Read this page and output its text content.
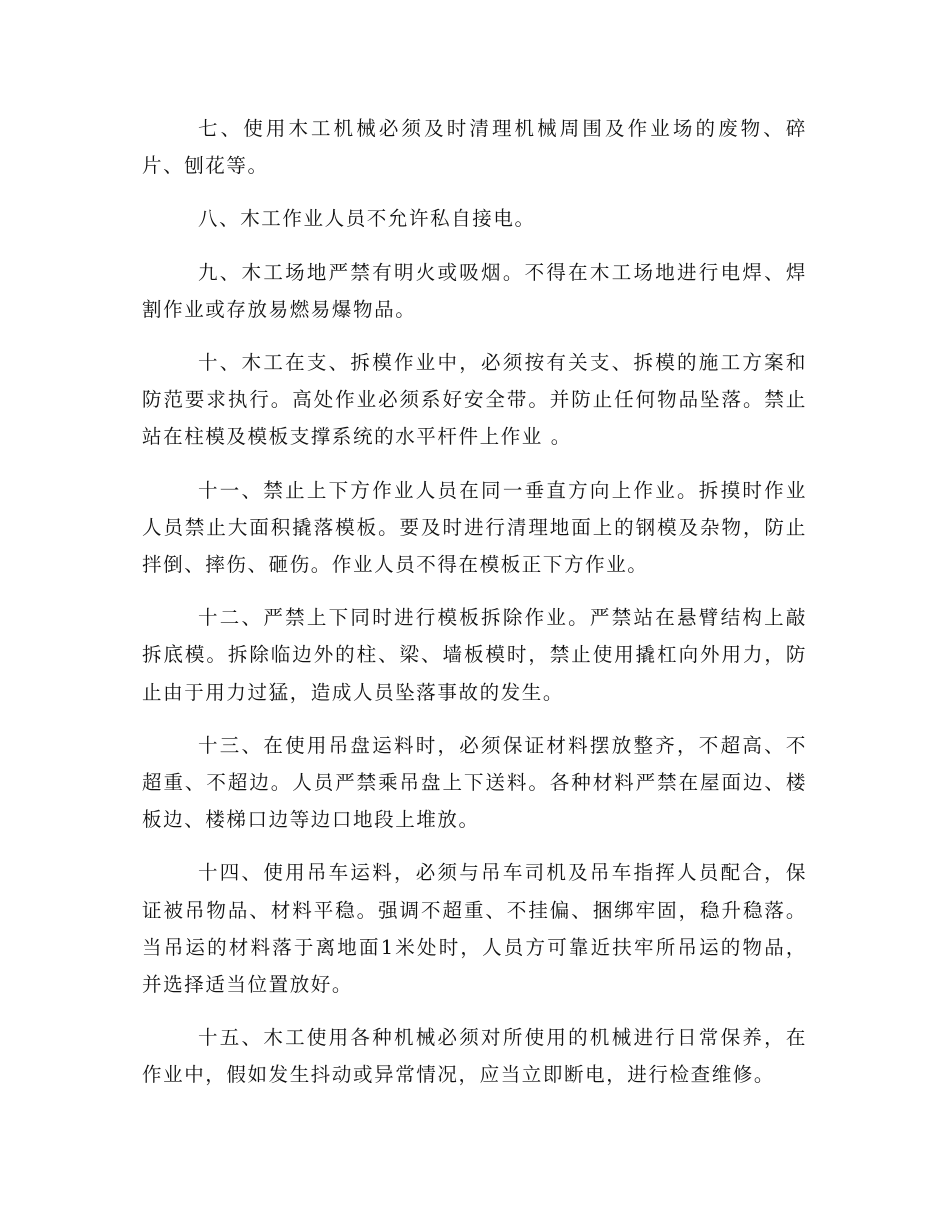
七、使用木工机械必须及时清理机械周围及作业场的废物、碎片、刨花等。

八、木工作业人员不允许私自接电。

九、木工场地严禁有明火或吸烟。不得在木工场地进行电焊、焊割作业或存放易燃易爆物品。

十、木工在支、拆模作业中，必须按有关支、拆模的施工方案和防范要求执行。高处作业必须系好安全带。并防止任何物品坠落。禁止站在柱模及模板支撑系统的水平杆件上作业 。

十一、禁止上下方作业人员在同一垂直方向上作业。拆摸时作业人员禁止大面积撬落模板。要及时进行清理地面上的钢模及杂物，防止拌倒、摔伤、砸伤。作业人员不得在模板正下方作业。

十二、严禁上下同时进行模板拆除作业。严禁站在悬臂结构上敲拆底模。拆除临边外的柱、梁、墙板模时，禁止使用撬杠向外用力，防止由于用力过猛，造成人员坠落事故的发生。

十三、在使用吊盘运料时，必须保证材料摆放整齐，不超高、不超重、不超边。人员严禁乘吊盘上下送料。各种材料严禁在屋面边、楼板边、楼梯口边等边口地段上堆放。

十四、使用吊车运料，必须与吊车司机及吊车指挥人员配合，保证被吊物品、材料平稳。强调不超重、不挂偏、捆绑牢固，稳升稳落。当吊运的材料落于离地面1米处时，人员方可靠近扶牢所吊运的物品，并选择适当位置放好。

十五、木工使用各种机械必须对所使用的机械进行日常保养，在作业中，假如发生抖动或异常情况，应当立即断电，进行检查维修。
